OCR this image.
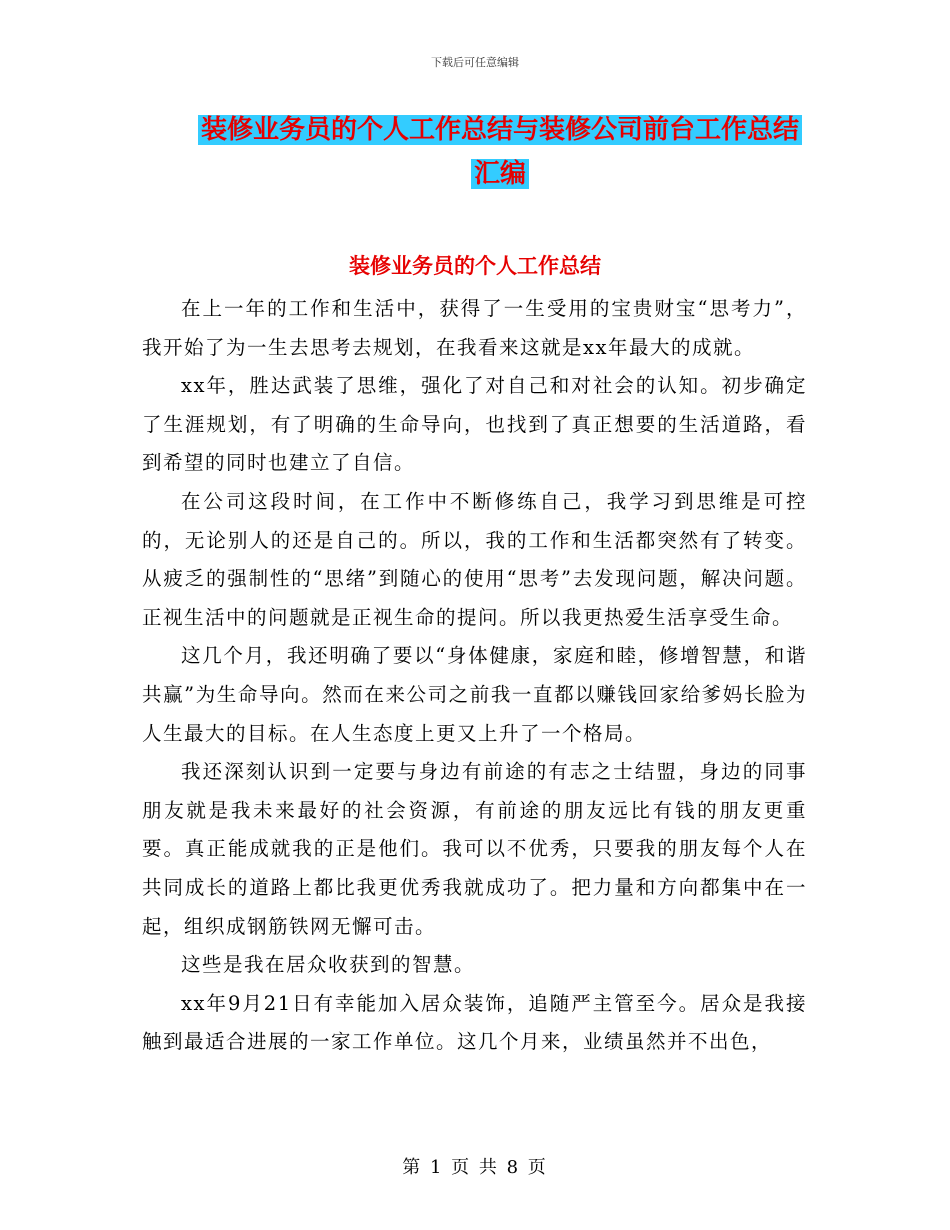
下载后可任意编辑
装修业务员的个人工作总结与装修公司前台工作总结
汇编
装修业务员的个人工作总结

在上一年的工作和生活中，获得了一生受用的宝贵财宝“思考力”，我开始了为一生去思考去规划，在我看来这就是xx年最大的成就。

xx年，胜达武装了思维，强化了对自己和对社会的认知。初步确定了生涯规划，有了明确的生命导向，也找到了真正想要的生活道路，看到希望的同时也建立了自信。

在公司这段时间，在工作中不断修练自己，我学习到思维是可控的，无论别人的还是自己的。所以，我的工作和生活都突然有了转变。从疲乏的强制性的“思绪”到随心的使用“思考”去发现问题，解决问题。正视生活中的问题就是正视生命的提问。所以我更热爱生活享受生命。

这几个月，我还明确了要以“身体健康，家庭和睦，修增智慧，和谐共赢”为生命导向。然而在来公司之前我一直都以赚钱回家给爹妈长脸为人生最大的目标。在人生态度上更又上升了一个格局。

我还深刻认识到一定要与身边有前途的有志之士结盟，身边的同事朋友就是我未来最好的社会资源，有前途的朋友远比有钱的朋友更重要。真正能成就我的正是他们。我可以不优秀，只要我的朋友每个人在共同成长的道路上都比我更优秀我就成功了。把力量和方向都集中在一起，组织成钢筋铁网无懈可击。

这些是我在居众收获到的智慧。

xx年9月21日有幸能加入居众装饰，追随严主管至今。居众是我接触到最适合进展的一家工作单位。这几个月来，业绩虽然并不出色，

第 1 页 共 8 页
